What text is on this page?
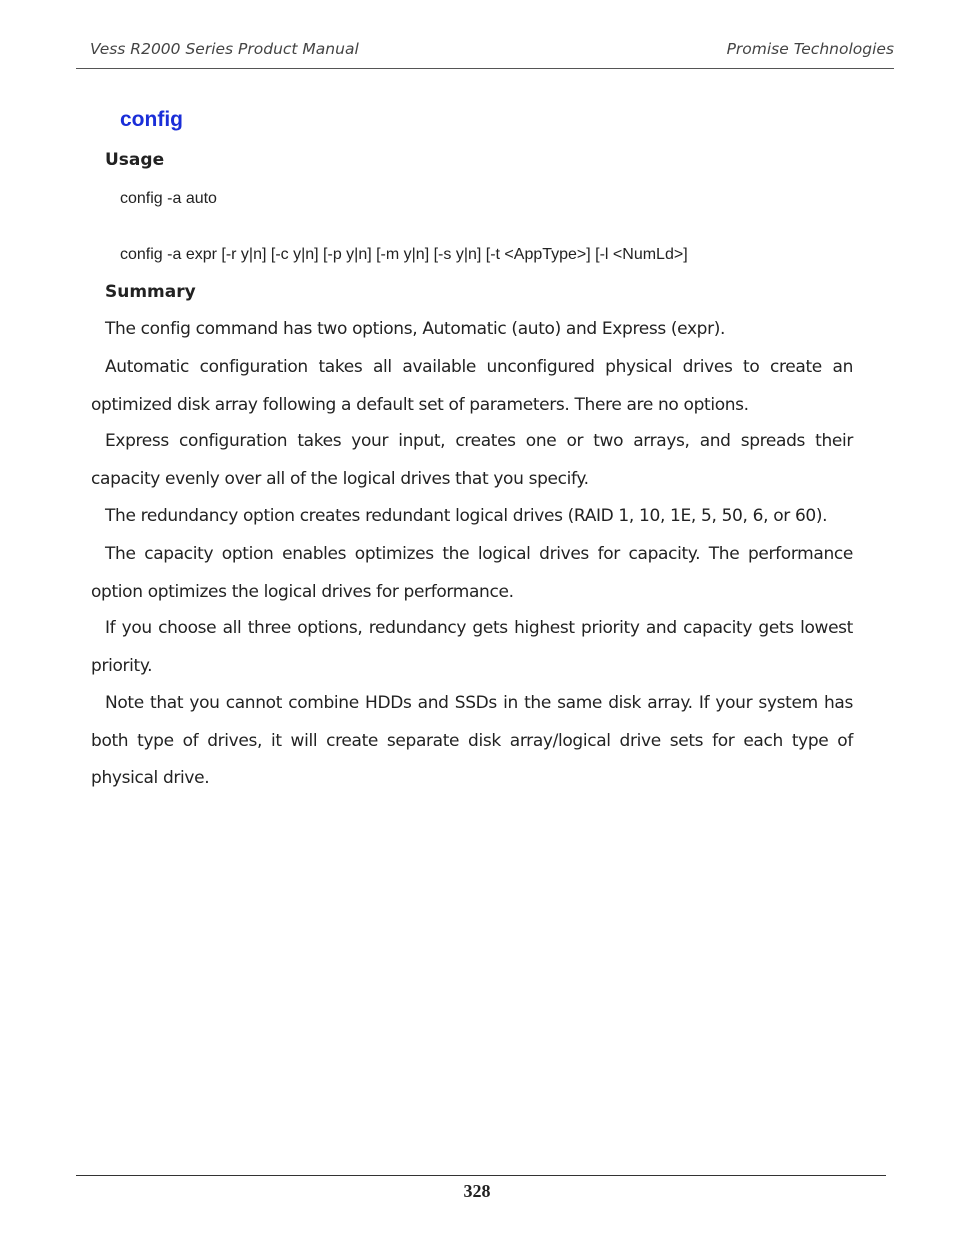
Vess R2000 Series Product Manual	Promise Technologies
config
Usage
config -a auto
config -a expr [-r y|n] [-c y|n] [-p y|n] [-m y|n] [-s y|n] [-t <AppType>] [-l <NumLd>]
Summary
The config command has two options, Automatic (auto) and Express (expr).
Automatic configuration takes all available unconfigured physical drives to create an optimized disk array following a default set of parameters. There are no options.
Express configuration takes your input, creates one or two arrays, and spreads their capacity evenly over all of the logical drives that you specify.
The redundancy option creates redundant logical drives (RAID 1, 10, 1E, 5, 50, 6, or 60).
The capacity option enables optimizes the logical drives for capacity. The performance option optimizes the logical drives for performance.
If you choose all three options, redundancy gets highest priority and capacity gets lowest priority.
Note that you cannot combine HDDs and SSDs in the same disk array. If your system has both type of drives, it will create separate disk array/logical drive sets for each type of physical drive.
328
